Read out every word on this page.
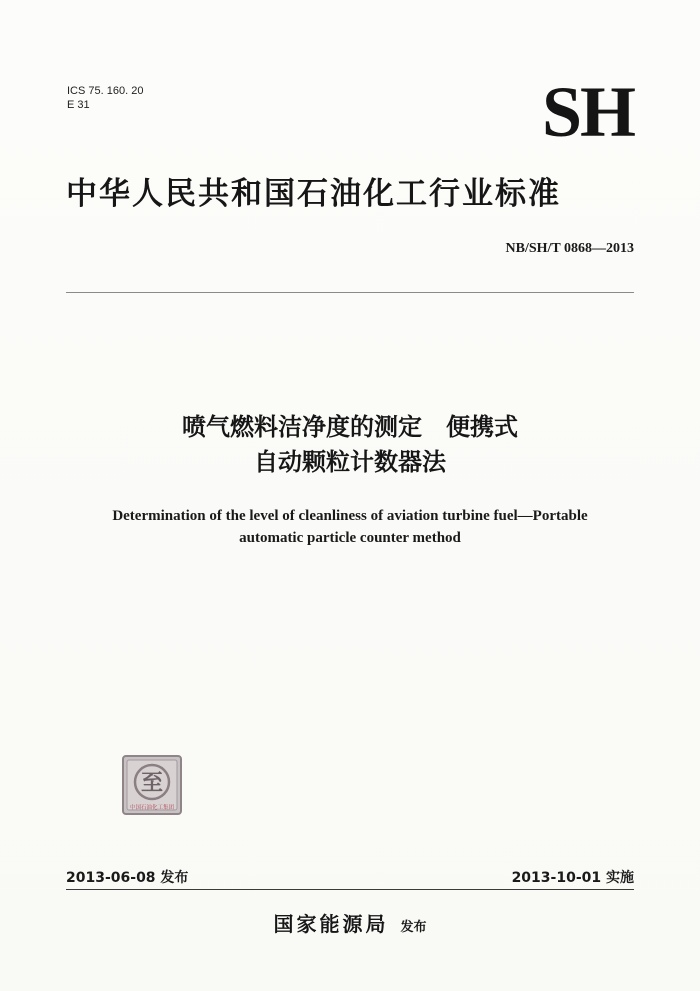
ICS 75. 160. 20
E 31	SH
中华人民共和国石油化工行业标准
NB/SH/T 0868—2013
喷气燃料洁净度的测定　便携式
自动颗粒计数器法
Determination of the level of cleanliness of aviation turbine fuel—Portable
automatic particle counter method
至
中国石油化工集团
2013-06-08 发布	2013-10-01 实施
国家能源局 发布
